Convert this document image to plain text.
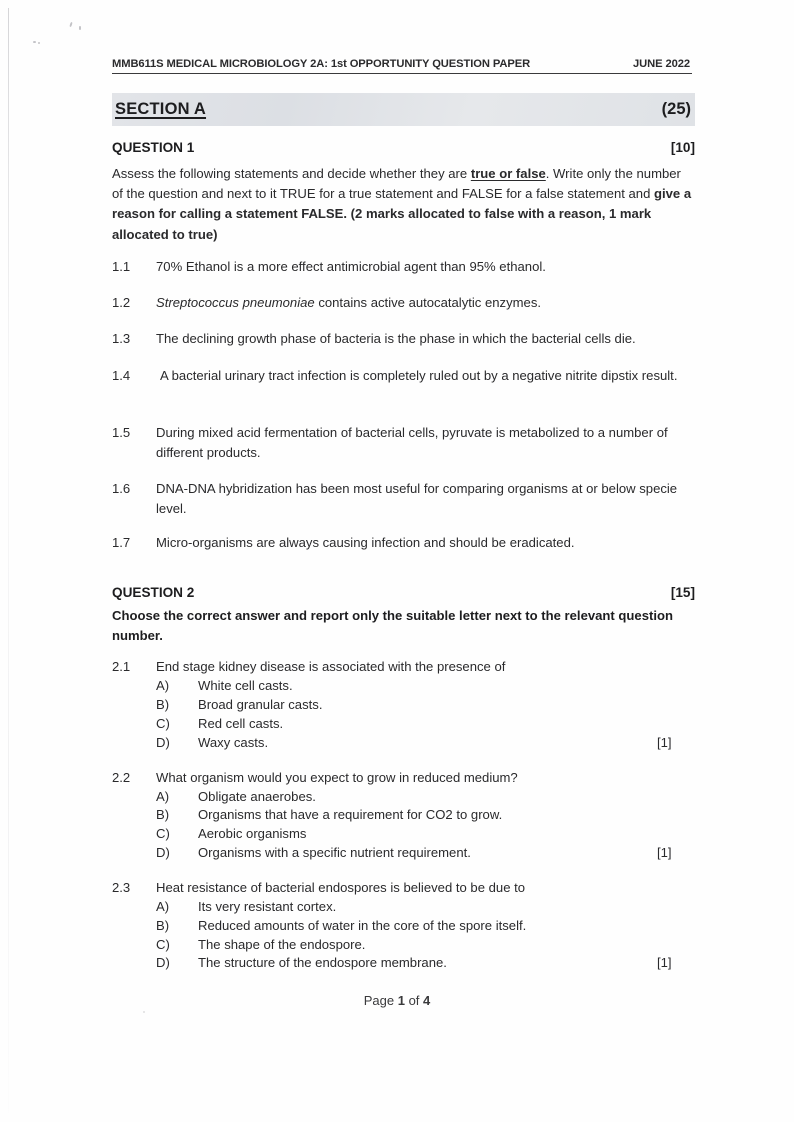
MMB611S MEDICAL MICROBIOLOGY 2A: 1st OPPORTUNITY QUESTION PAPER	JUNE 2022
SECTION A	(25)
QUESTION 1	[10]
Assess the following statements and decide whether they are true or false. Write only the number of the question and next to it TRUE for a true statement and FALSE for a false statement and give a reason for calling a statement FALSE. (2 marks allocated to false with a reason, 1 mark allocated to true)
1.1	70% Ethanol is a more effect antimicrobial agent than 95% ethanol.
1.2	Streptococcus pneumoniae contains active autocatalytic enzymes.
1.3	The declining growth phase of bacteria is the phase in which the bacterial cells die.
1.4	A bacterial urinary tract infection is completely ruled out by a negative nitrite dipstix result.
1.5	During mixed acid fermentation of bacterial cells, pyruvate is metabolized to a number of different products.
1.6	DNA-DNA hybridization has been most useful for comparing organisms at or below specie level.
1.7	Micro-organisms are always causing infection and should be eradicated.
QUESTION 2	[15]
Choose the correct answer and report only the suitable letter next to the relevant question number.
2.1	End stage kidney disease is associated with the presence of
A)	White cell casts.
B)	Broad granular casts.
C)	Red cell casts.
D)	Waxy casts.	[1]
2.2	What organism would you expect to grow in reduced medium?
A)	Obligate anaerobes.
B)	Organisms that have a requirement for CO2 to grow.
C)	Aerobic organisms
D)	Organisms with a specific nutrient requirement.	[1]
2.3	Heat resistance of bacterial endospores is believed to be due to
A)	Its very resistant cortex.
B)	Reduced amounts of water in the core of the spore itself.
C)	The shape of the endospore.
D)	The structure of the endospore membrane.	[1]
Page 1 of 4
